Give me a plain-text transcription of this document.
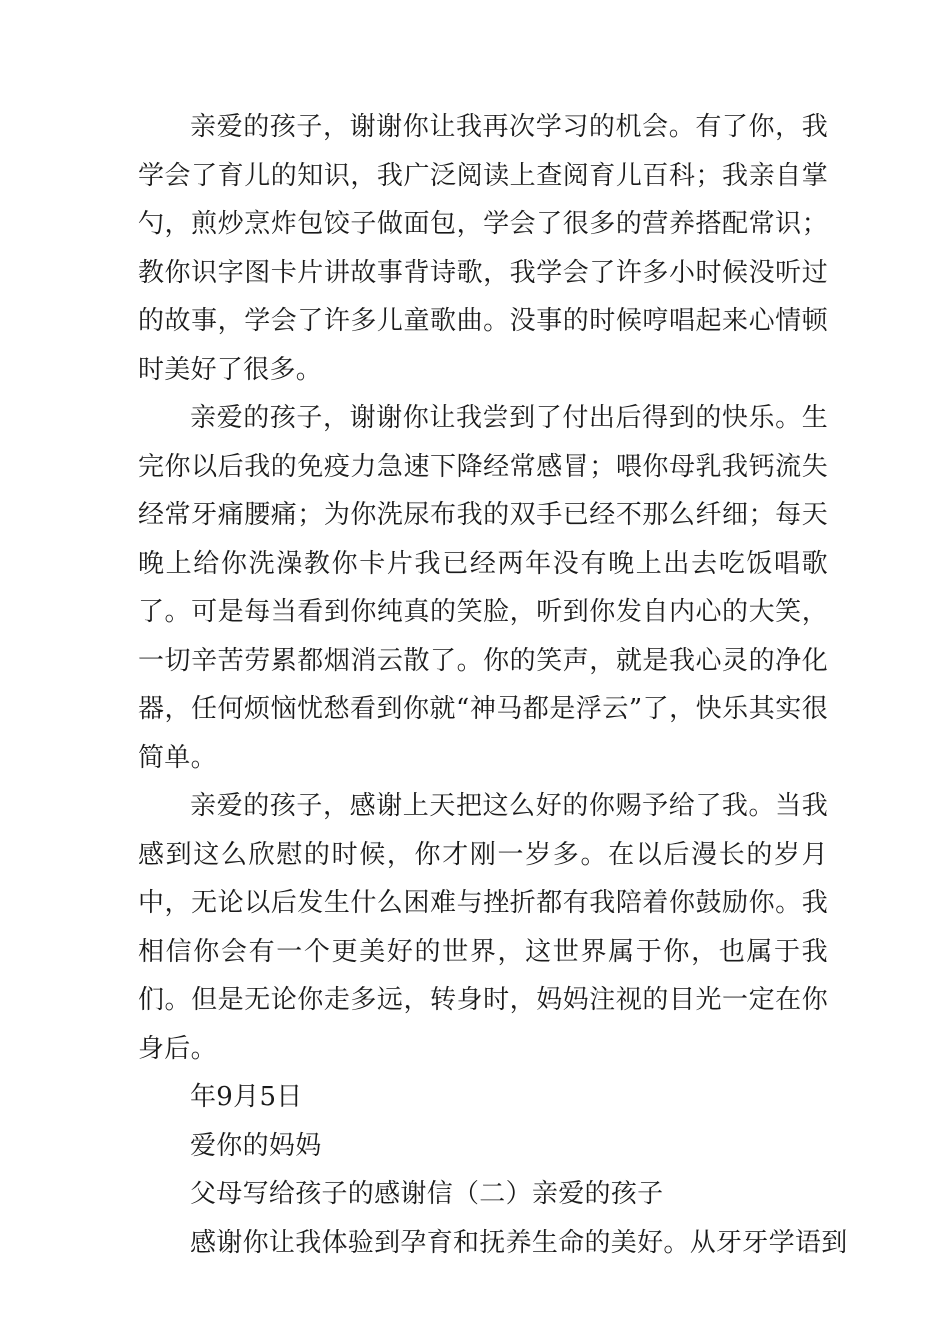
亲爱的孩子，谢谢你让我再次学习的机会。有了你，我学会了育儿的知识，我广泛阅读上查阅育儿百科；我亲自掌勺，煎炒烹炸包饺子做面包，学会了很多的营养搭配常识；教你识字图卡片讲故事背诗歌，我学会了许多小时候没听过的故事，学会了许多儿童歌曲。没事的时候哼唱起来心情顿时美好了很多。

亲爱的孩子，谢谢你让我尝到了付出后得到的快乐。生完你以后我的免疫力急速下降经常感冒；喂你母乳我钙流失经常牙痛腰痛；为你洗尿布我的双手已经不那么纤细；每天晚上给你洗澡教你卡片我已经两年没有晚上出去吃饭唱歌了。可是每当看到你纯真的笑脸，听到你发自内心的大笑，一切辛苦劳累都烟消云散了。你的笑声，就是我心灵的净化器，任何烦恼忧愁看到你就“神马都是浮云”了，快乐其实很简单。

亲爱的孩子，感谢上天把这么好的你赐予给了我。当我感到这么欣慰的时候，你才刚一岁多。在以后漫长的岁月中，无论以后发生什么困难与挫折都有我陪着你鼓励你。我相信你会有一个更美好的世界，这世界属于你，也属于我们。但是无论你走多远，转身时，妈妈注视的目光一定在你身后。

年9月5日

爱你的妈妈

父母写给孩子的感谢信（二）亲爱的孩子

感谢你让我体验到孕育和抚养生命的美好。从牙牙学语到
